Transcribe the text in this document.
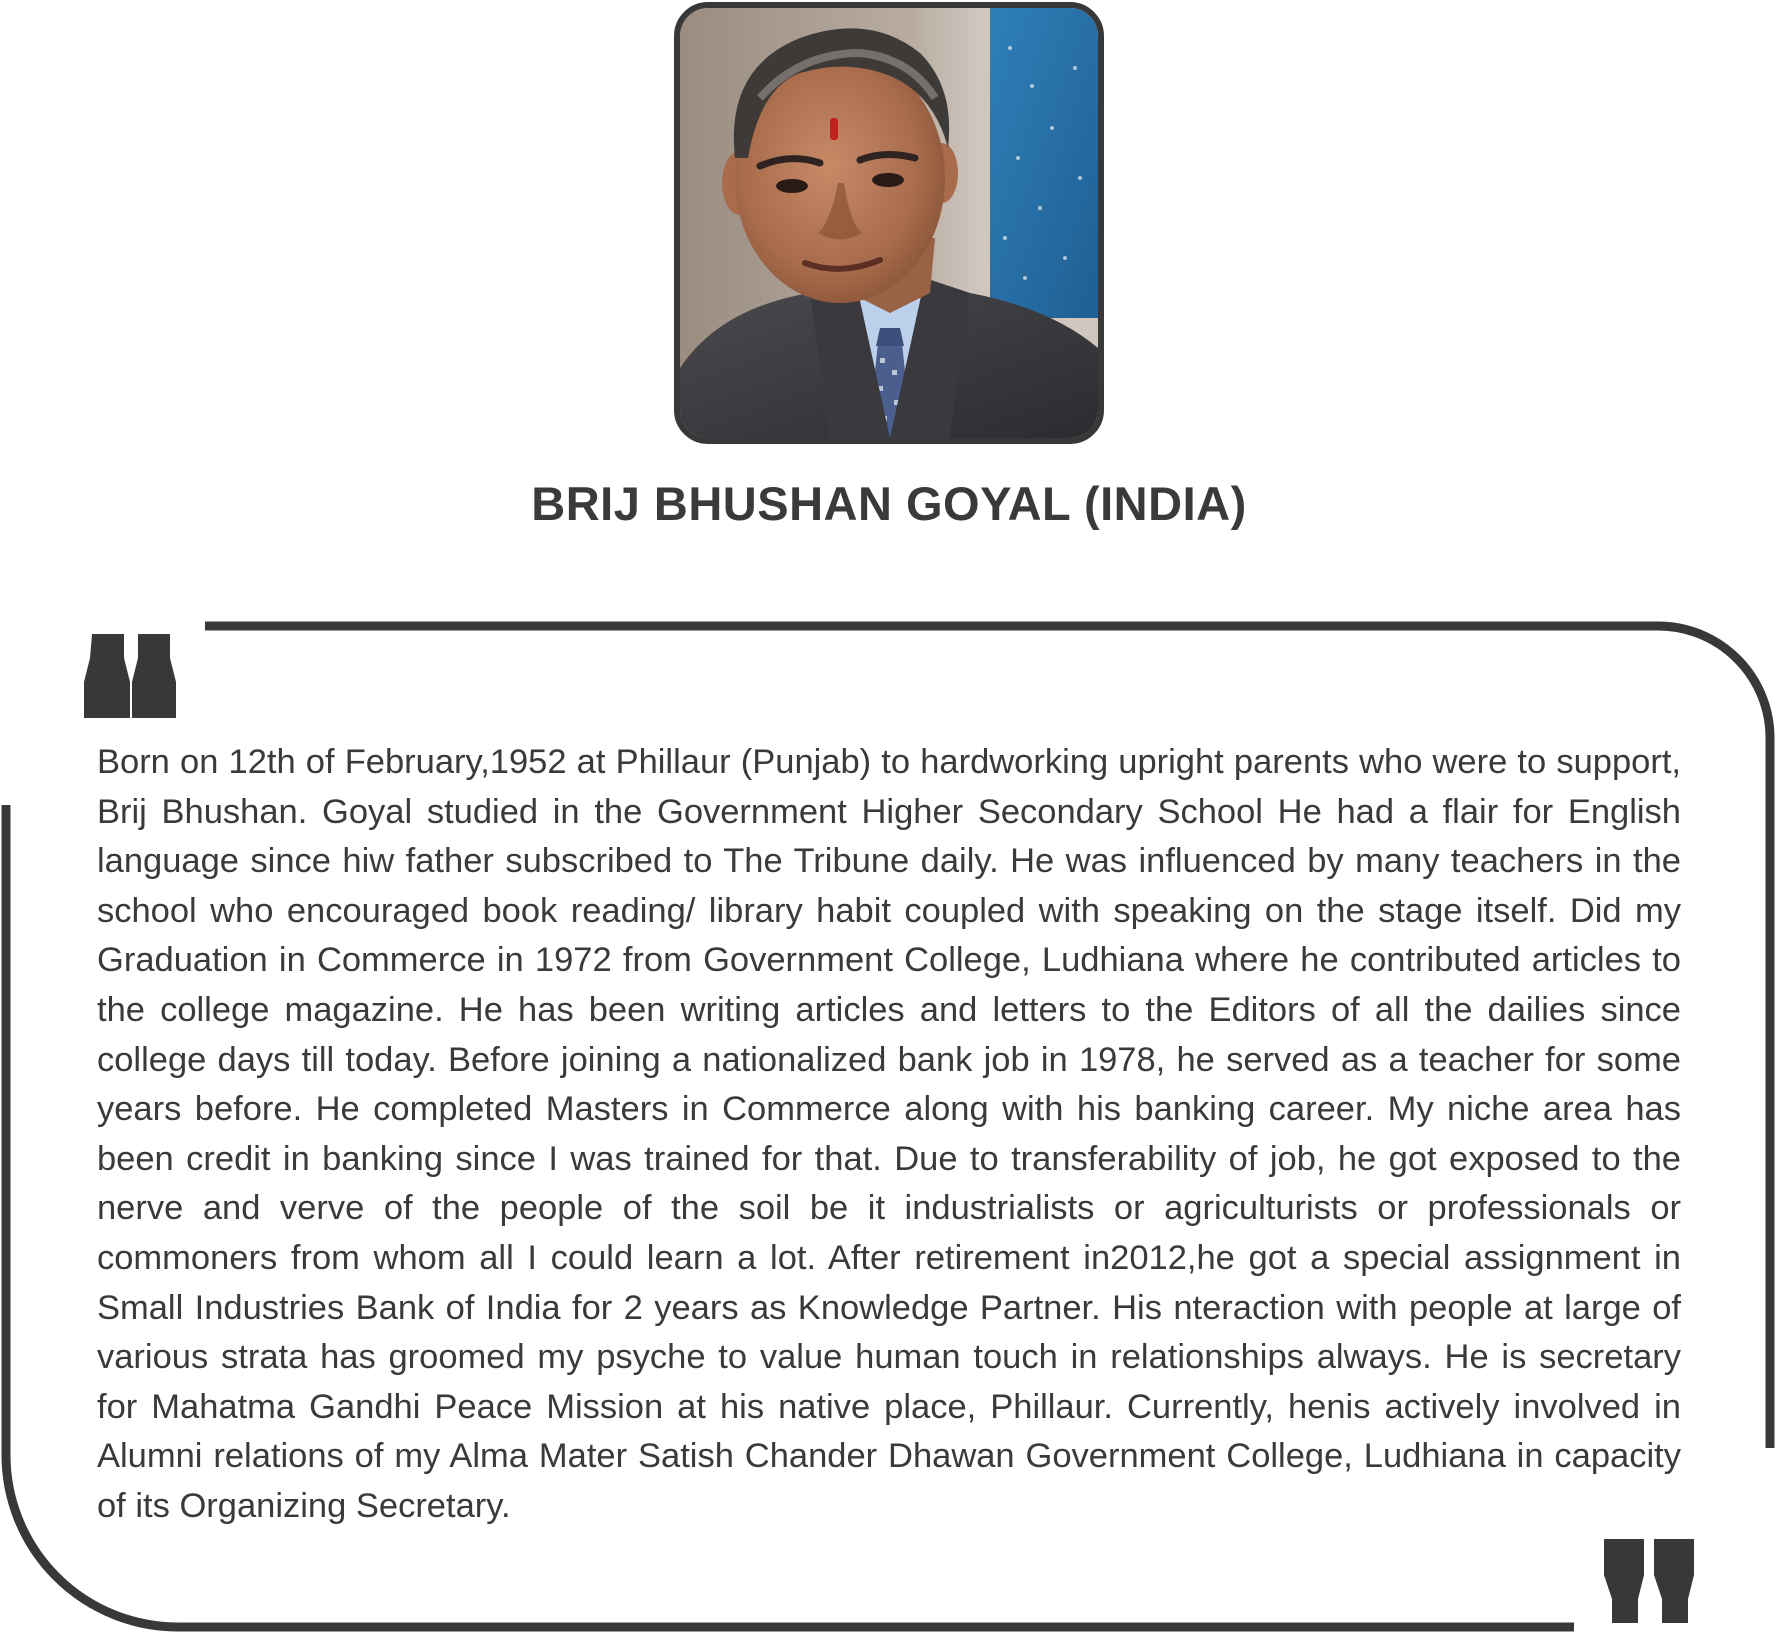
BRIJ BHUSHAN GOYAL (INDIA)

Born on 12th of February,1952 at Phillaur (Punjab) to hardworking upright parents who were to support, Brij Bhushan. Goyal studied in the Government Higher Secondary School He had a flair for English language since hiw father subscribed to The Tribune daily. He was influenced by many teachers in the school who encouraged book reading/ library habit coupled with speaking on the stage itself. Did my Graduation in Commerce in 1972 from Government College, Ludhiana where he contributed articles to the college magazine. He has been writing articles and letters to the Editors of all the dailies since college days till today. Before joining a nationalized bank job in 1978, he served as a teacher for some years before. He completed Masters in Commerce along with his banking career. My niche area has been credit in banking since I was trained for that. Due to transferability of job, he got exposed to the nerve and verve of the people of the soil be it industrialists or agriculturists or professionals or commoners from whom all I could learn a lot. After retirement in2012,he got a special assignment in Small Industries Bank of India for 2 years as Knowledge Partner. His nteraction with people at large of various strata has groomed my psyche to value human touch in relationships always. He is secretary for Mahatma Gandhi Peace Mission at his native place, Phillaur. Currently, henis actively involved in Alumni relations of my Alma Mater Satish Chander Dhawan Government College, Ludhiana in capacity of its Organizing Secretary.
